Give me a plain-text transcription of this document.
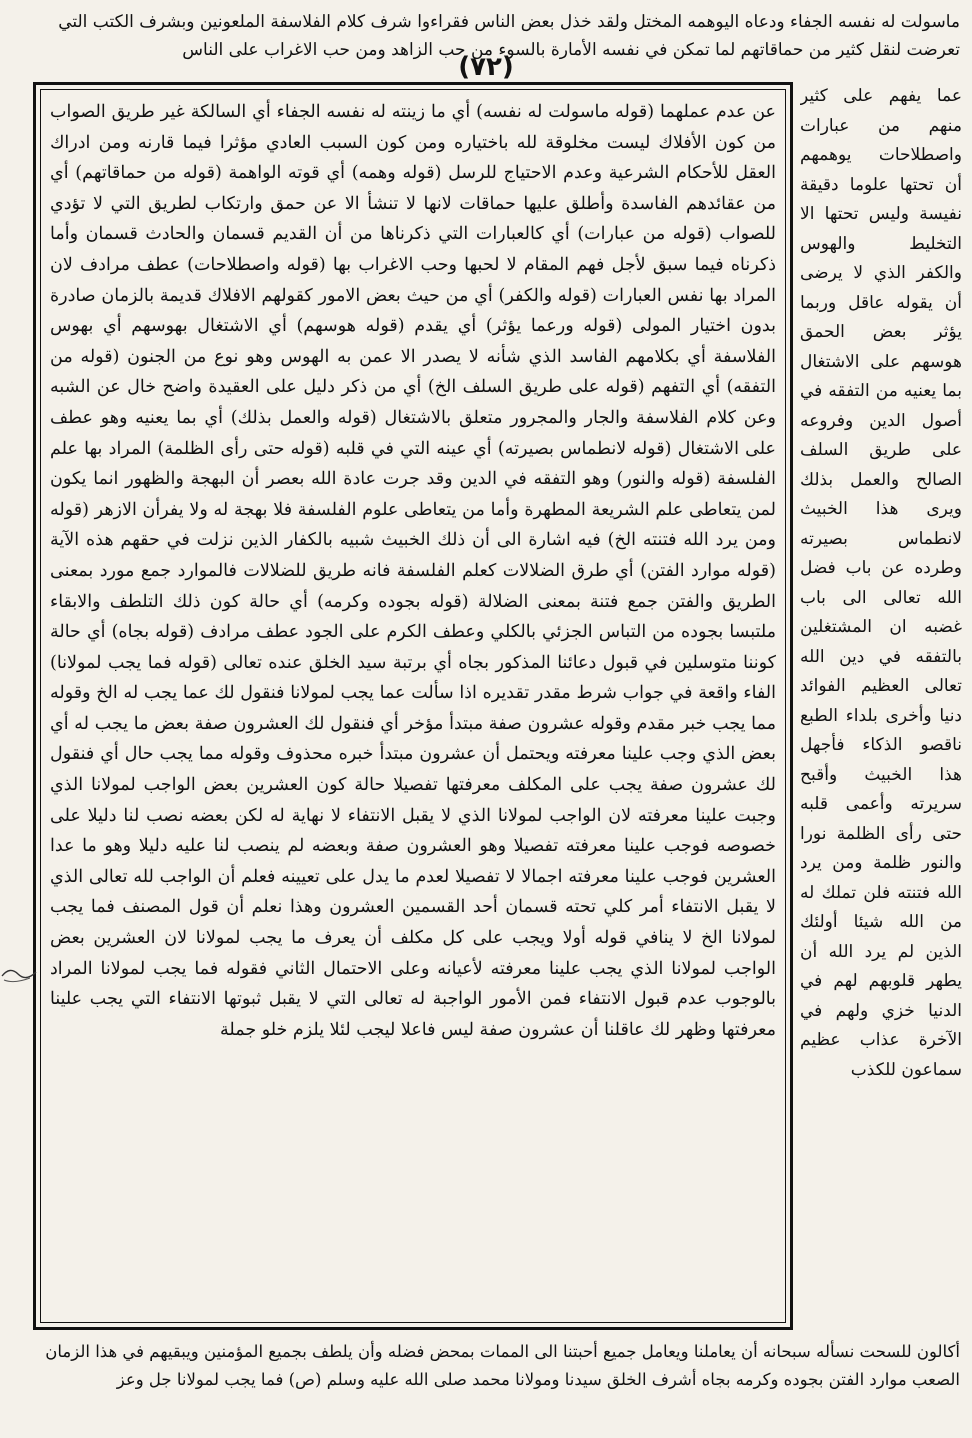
ماسولت له نفسه الجفاء ودعاه اليوهمه المختل ولقد خذل بعض الناس فقراءوا شرف كلام الفلاسفة الملعونين وبشرف الكتب التي

تعرضت لنقل كثير من حماقاتهم لما تمكن في نفسه الأمارة بالسوء من حب الزاهد ومن حب الاغراب على الناس

(٧٢)

عن عدم عملهما (قوله ماسولت له نفسه) أي ما زينته له نفسه الجفاء أي السالكة غير طريق الصواب من كون الأفلاك ليست مخلوقة لله باختياره ومن كون السبب العادي مؤثرا فيما قارنه ومن ادراك العقل للأحكام الشرعية وعدم الاحتياج للرسل (قوله وهمه) أي قوته الواهمة (قوله من حماقاتهم) أي من عقائدهم الفاسدة وأطلق عليها حماقات لانها لا تنشأ الا عن حمق وارتكاب لطريق التي لا تؤدي للصواب (قوله من عبارات) أي كالعبارات التي ذكرناها من أن القديم قسمان والحادث قسمان وأما ذكرناه فيما سبق لأجل فهم المقام لا لحبها وحب الاغراب بها (قوله واصطلاحات) عطف مرادف لان المراد بها نفس العبارات (قوله والكفر) أي من حيث بعض الامور كقولهم الافلاك قديمة بالزمان صادرة بدون اختيار المولى (قوله ورعما يؤثر) أي يقدم (قوله هوسهم) أي الاشتغال بهوسهم أي بهوس الفلاسفة أي بكلامهم الفاسد الذي شأنه لا يصدر الا عمن به الهوس وهو نوع من الجنون (قوله من التفقه) أي التفهم (قوله على طريق السلف الخ) أي من ذكر دليل على العقيدة واضح خال عن الشبه وعن كلام الفلاسفة والجار والمجرور متعلق بالاشتغال (قوله والعمل بذلك) أي بما يعنيه وهو عطف على الاشتغال (قوله لانطماس بصيرته) أي عينه التي في قلبه (قوله حتى رأى الظلمة) المراد بها علم الفلسفة (قوله والنور) وهو التفقه في الدين وقد جرت عادة الله بعصر أن البهجة والظهور انما يكون لمن يتعاطى علم الشريعة المطهرة وأما من يتعاطى علوم الفلسفة فلا بهجة له ولا يفرأن الازهر (قوله ومن يرد الله فتنته الخ) فيه اشارة الى أن ذلك الخبيث شبيه بالكفار الذين نزلت في حقهم هذه الآية (قوله موارد الفتن) أي طرق الضلالات كعلم الفلسفة فانه طريق للضلالات فالموارد جمع مورد بمعنى الطريق والفتن جمع فتنة بمعنى الضلالة (قوله بجوده وكرمه) أي حالة كون ذلك التلطف والابقاء ملتبسا بجوده من التباس الجزئي بالكلي وعطف الكرم على الجود عطف مرادف (قوله بجاه) أي حالة كوننا متوسلين في قبول دعائنا المذكور بجاه أي برتبة سيد الخلق عنده تعالى (قوله فما يجب لمولانا) الفاء واقعة في جواب شرط مقدر تقديره اذا سألت عما يجب لمولانا فنقول لك عما يجب له الخ وقوله مما يجب خبر مقدم وقوله عشرون صفة مبتدأ مؤخر أي فنقول لك العشرون صفة بعض ما يجب له أي بعض الذي وجب علينا معرفته ويحتمل أن عشرون مبتدأ خبره محذوف وقوله مما يجب حال أي فنقول لك عشرون صفة يجب على المكلف معرفتها تفصيلا حالة كون العشرين بعض الواجب لمولانا الذي وجبت علينا معرفته لان الواجب لمولانا الذي لا يقبل الانتفاء لا نهاية له لكن بعضه نصب لنا دليلا على خصوصه فوجب علينا معرفته تفصيلا وهو العشرون صفة وبعضه لم ينصب لنا عليه دليلا وهو ما عدا العشرين فوجب علينا معرفته اجمالا لا تفصيلا لعدم ما يدل على تعيينه فعلم أن الواجب لله تعالى الذي لا يقبل الانتفاء أمر كلي تحته قسمان أحد القسمين العشرون وهذا نعلم أن قول المصنف فما يجب لمولانا الخ لا ينافي قوله أولا ويجب على كل مكلف أن يعرف ما يجب لمولانا لان العشرين بعض الواجب لمولانا الذي يجب علينا معرفته لأعيانه وعلى الاحتمال الثاني فقوله فما يجب لمولانا المراد بالوجوب عدم قبول الانتفاء فمن الأمور الواجبة له تعالى التي لا يقبل ثبوتها الانتفاء التي يجب علينا معرفتها وظهر لك عاقلنا أن عشرون صفة ليس فاعلا ليجب لئلا يلزم خلو جملة

عما يفهم على كثير منهم من عبارات واصطلاحات يوهمهم أن تحتها علوما دقيقة نفيسة وليس تحتها الا التخليط والهوس والكفر الذي لا يرضى أن يقوله عاقل وربما يؤثر بعض الحمق هوسهم على الاشتغال بما يعنيه من التفقه في أصول الدين وفروعه على طريق السلف الصالح والعمل بذلك ويرى هذا الخبيث لانطماس بصيرته وطرده عن باب فضل الله تعالى الى باب غضبه ان المشتغلين بالتفقه في دين الله تعالى العظيم الفوائد دنيا وأخرى بلداء الطبع ناقصو الذكاء فأجهل هذا الخبيث وأقبح سريرته وأعمى قلبه حتى رأى الظلمة نورا والنور ظلمة ومن يرد الله فتنته فلن تملك له من الله شيئا أولئك الذين لم يرد الله أن يطهر قلوبهم لهم في الدنيا خزي ولهم في الآخرة عذاب عظيم سماعون للكذب

أكالون للسحت نسأله سبحانه أن يعاملنا ويعامل جميع أحبتنا الى الممات بمحض فضله وأن يلطف بجميع المؤمنين ويبقيهم في هذا الزمان

الصعب موارد الفتن بجوده وكرمه بجاه أشرف الخلق سيدنا ومولانا محمد صلى الله عليه وسلم (ص) فما يجب لمولانا جل وعز
